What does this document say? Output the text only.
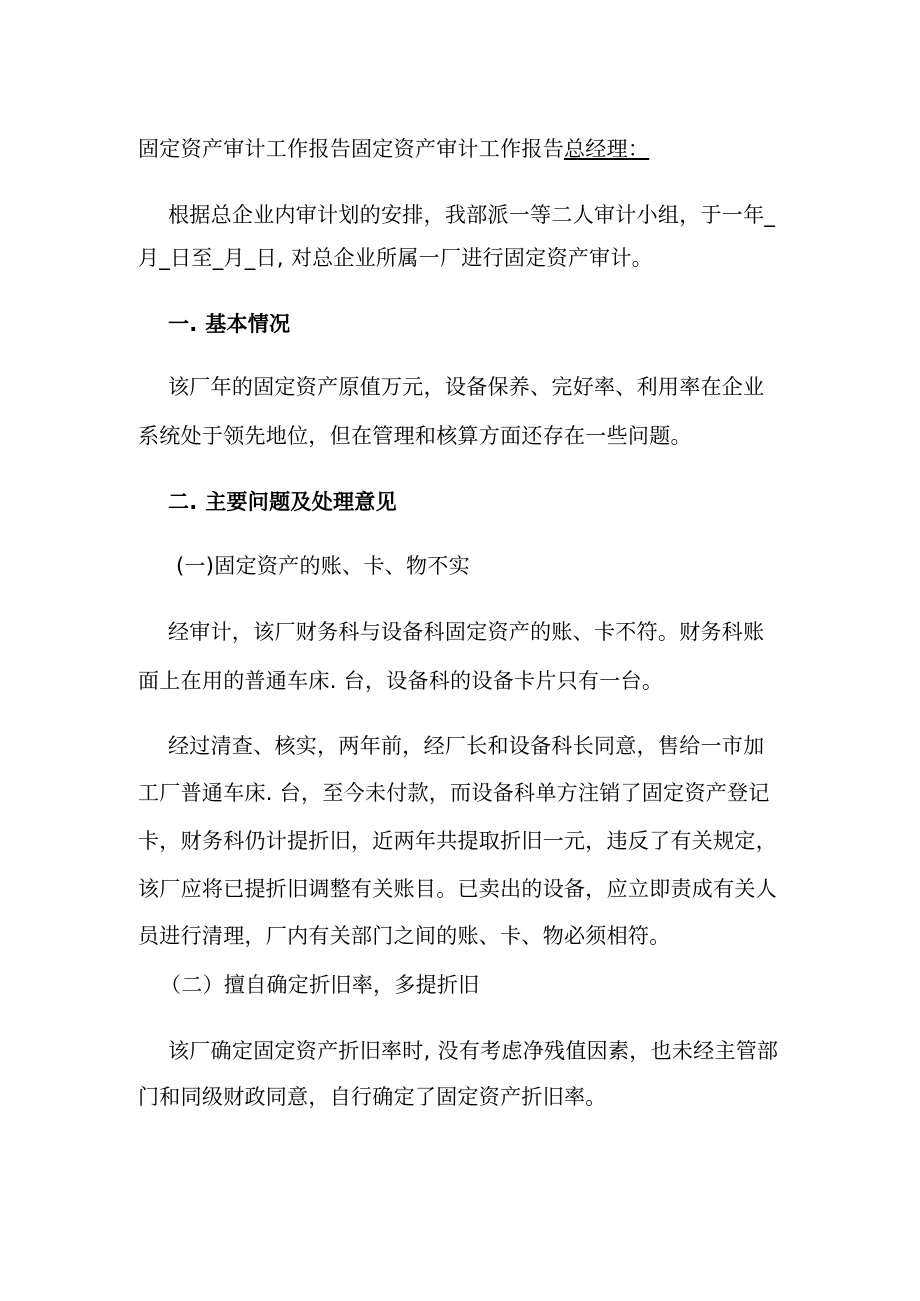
固定资产审计工作报告固定资产审计工作报告总经理：
根据总企业内审计划的安排，我部派一等二人审计小组，于一年_
月_日至_月_日, 对总企业所属一厂进行固定资产审计。
一. 基本情况
该厂年的固定资产原值万元，设备保养、完好率、利用率在企业
系统处于领先地位，但在管理和核算方面还存在一些问题。
二. 主要问题及处理意见
(一)固定资产的账、卡、物不实
经审计，该厂财务科与设备科固定资产的账、卡不符。财务科账
面上在用的普通车床. 台，设备科的设备卡片只有一台。
经过清查、核实，两年前，经厂长和设备科长同意，售给一市加
工厂普通车床. 台，至今未付款，而设备科单方注销了固定资产登记
卡，财务科仍计提折旧，近两年共提取折旧一元，违反了有关规定，
该厂应将已提折旧调整有关账目。已卖出的设备，应立即责成有关人
员进行清理，厂内有关部门之间的账、卡、物必须相符。
（二）擅自确定折旧率，多提折旧
该厂确定固定资产折旧率时, 没有考虑净残值因素，也未经主管部
门和同级财政同意，自行确定了固定资产折旧率。
